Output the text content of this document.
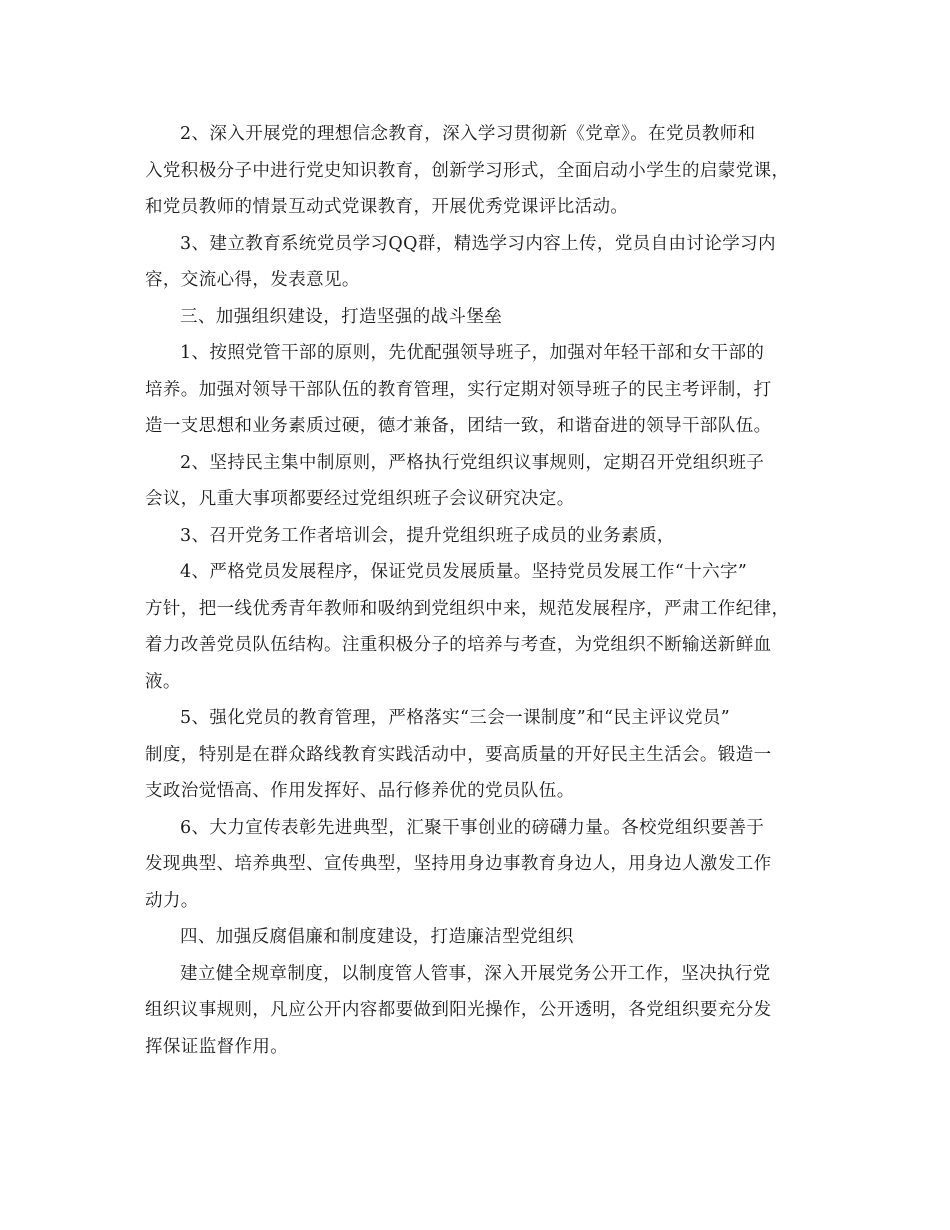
2、深入开展党的理想信念教育，深入学习贯彻新《党章》。在党员教师和
入党积极分子中进行党史知识教育，创新学习形式，全面启动小学生的启蒙党课，
和党员教师的情景互动式党课教育，开展优秀党课评比活动。

3、建立教育系统党员学习QQ群，精选学习内容上传，党员自由讨论学习内
容，交流心得，发表意见。

三、加强组织建设，打造坚强的战斗堡垒

1、按照党管干部的原则，先优配强领导班子，加强对年轻干部和女干部的
培养。加强对领导干部队伍的教育管理，实行定期对领导班子的民主考评制，打
造一支思想和业务素质过硬，德才兼备，团结一致，和谐奋进的领导干部队伍。

2、坚持民主集中制原则，严格执行党组织议事规则，定期召开党组织班子
会议，凡重大事项都要经过党组织班子会议研究决定。

3、召开党务工作者培训会，提升党组织班子成员的业务素质，

4、严格党员发展程序，保证党员发展质量。坚持党员发展工作“十六字”
方针，把一线优秀青年教师和吸纳到党组织中来，规范发展程序，严肃工作纪律，
着力改善党员队伍结构。注重积极分子的培养与考查，为党组织不断输送新鲜血
液。

5、强化党员的教育管理，严格落实“三会一课制度”和“民主评议党员”
制度，特别是在群众路线教育实践活动中，要高质量的开好民主生活会。锻造一
支政治觉悟高、作用发挥好、品行修养优的党员队伍。

6、大力宣传表彰先进典型，汇聚干事创业的磅礴力量。各校党组织要善于
发现典型、培养典型、宣传典型，坚持用身边事教育身边人，用身边人激发工作
动力。

四、加强反腐倡廉和制度建设，打造廉洁型党组织

建立健全规章制度，以制度管人管事，深入开展党务公开工作，坚决执行党
组织议事规则，凡应公开内容都要做到阳光操作，公开透明，各党组织要充分发
挥保证监督作用。
